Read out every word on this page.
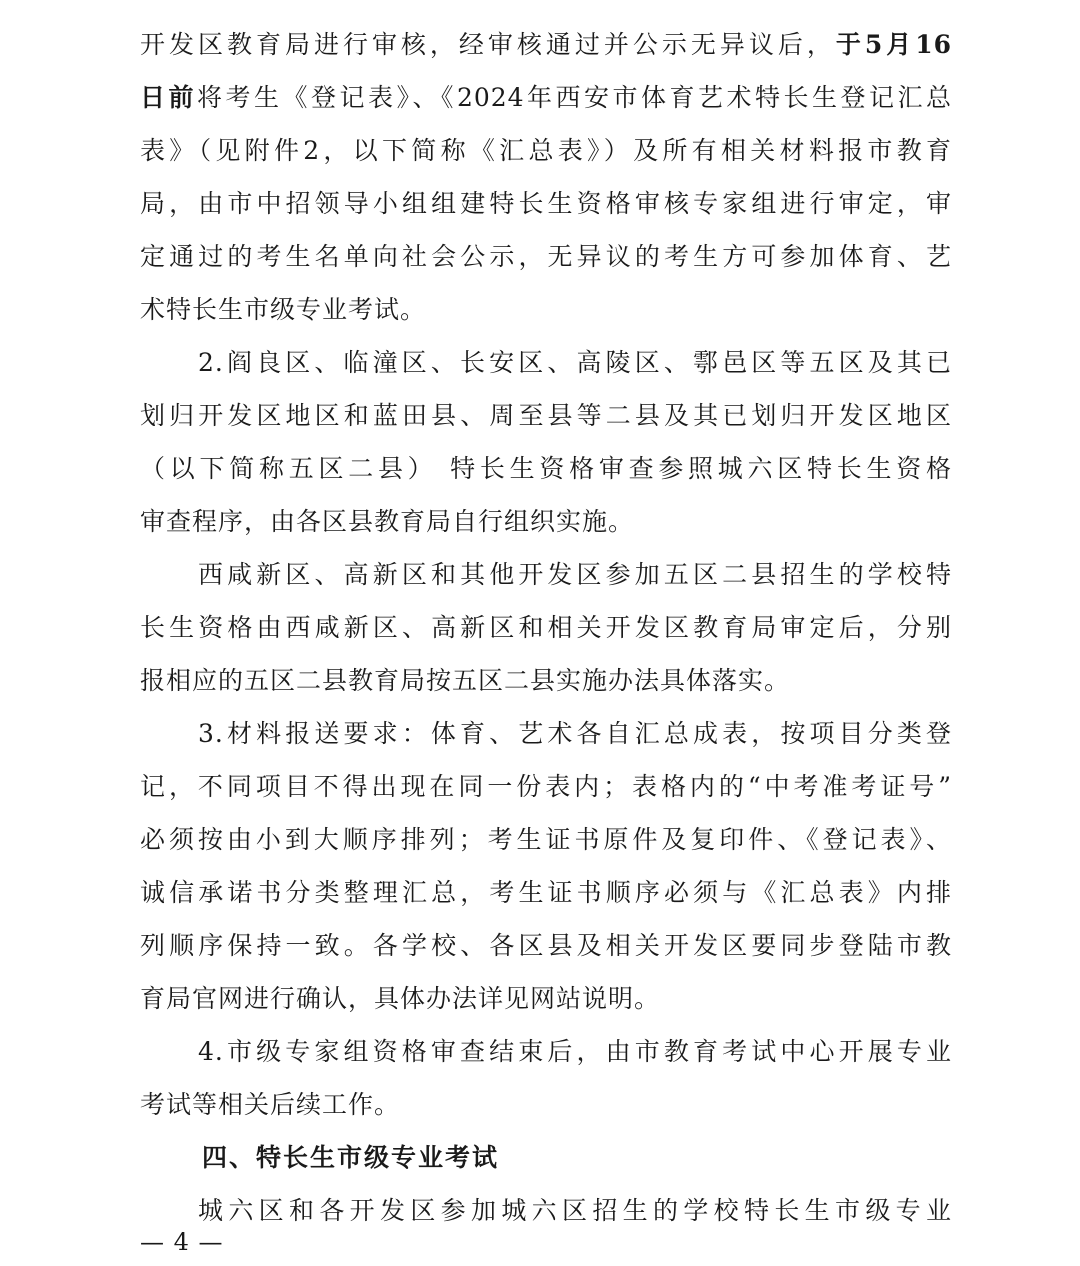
开发区教育局进行审核，经审核通过并公示无异议后，于5月16
日前将考生《登记表》、《2024年西安市体育艺术特长生登记汇总
表》（见附件2，以下简称《汇总表》）及所有相关材料报市教育
局，由市中招领导小组组建特长生资格审核专家组进行审定，审
定通过的考生名单向社会公示，无异议的考生方可参加体育、艺
术特长生市级专业考试。
2.阎良区、临潼区、长安区、高陵区、鄠邑区等五区及其已
划归开发区地区和蓝田县、周至县等二县及其已划归开发区地区
（以下简称五区二县） 特长生资格审查参照城六区特长生资格
审查程序，由各区县教育局自行组织实施。
西咸新区、高新区和其他开发区参加五区二县招生的学校特
长生资格由西咸新区、高新区和相关开发区教育局审定后，分别
报相应的五区二县教育局按五区二县实施办法具体落实。
3.材料报送要求：体育、艺术各自汇总成表，按项目分类登
记，不同项目不得出现在同一份表内；表格内的“中考准考证号”
必须按由小到大顺序排列；考生证书原件及复印件、《登记表》、
诚信承诺书分类整理汇总，考生证书顺序必须与《汇总表》内排
列顺序保持一致。各学校、各区县及相关开发区要同步登陆市教
育局官网进行确认，具体办法详见网站说明。
4.市级专家组资格审查结束后，由市教育考试中心开展专业
考试等相关后续工作。
四、特长生市级专业考试
城六区和各开发区参加城六区招生的学校特长生市级专业
— 4 —
